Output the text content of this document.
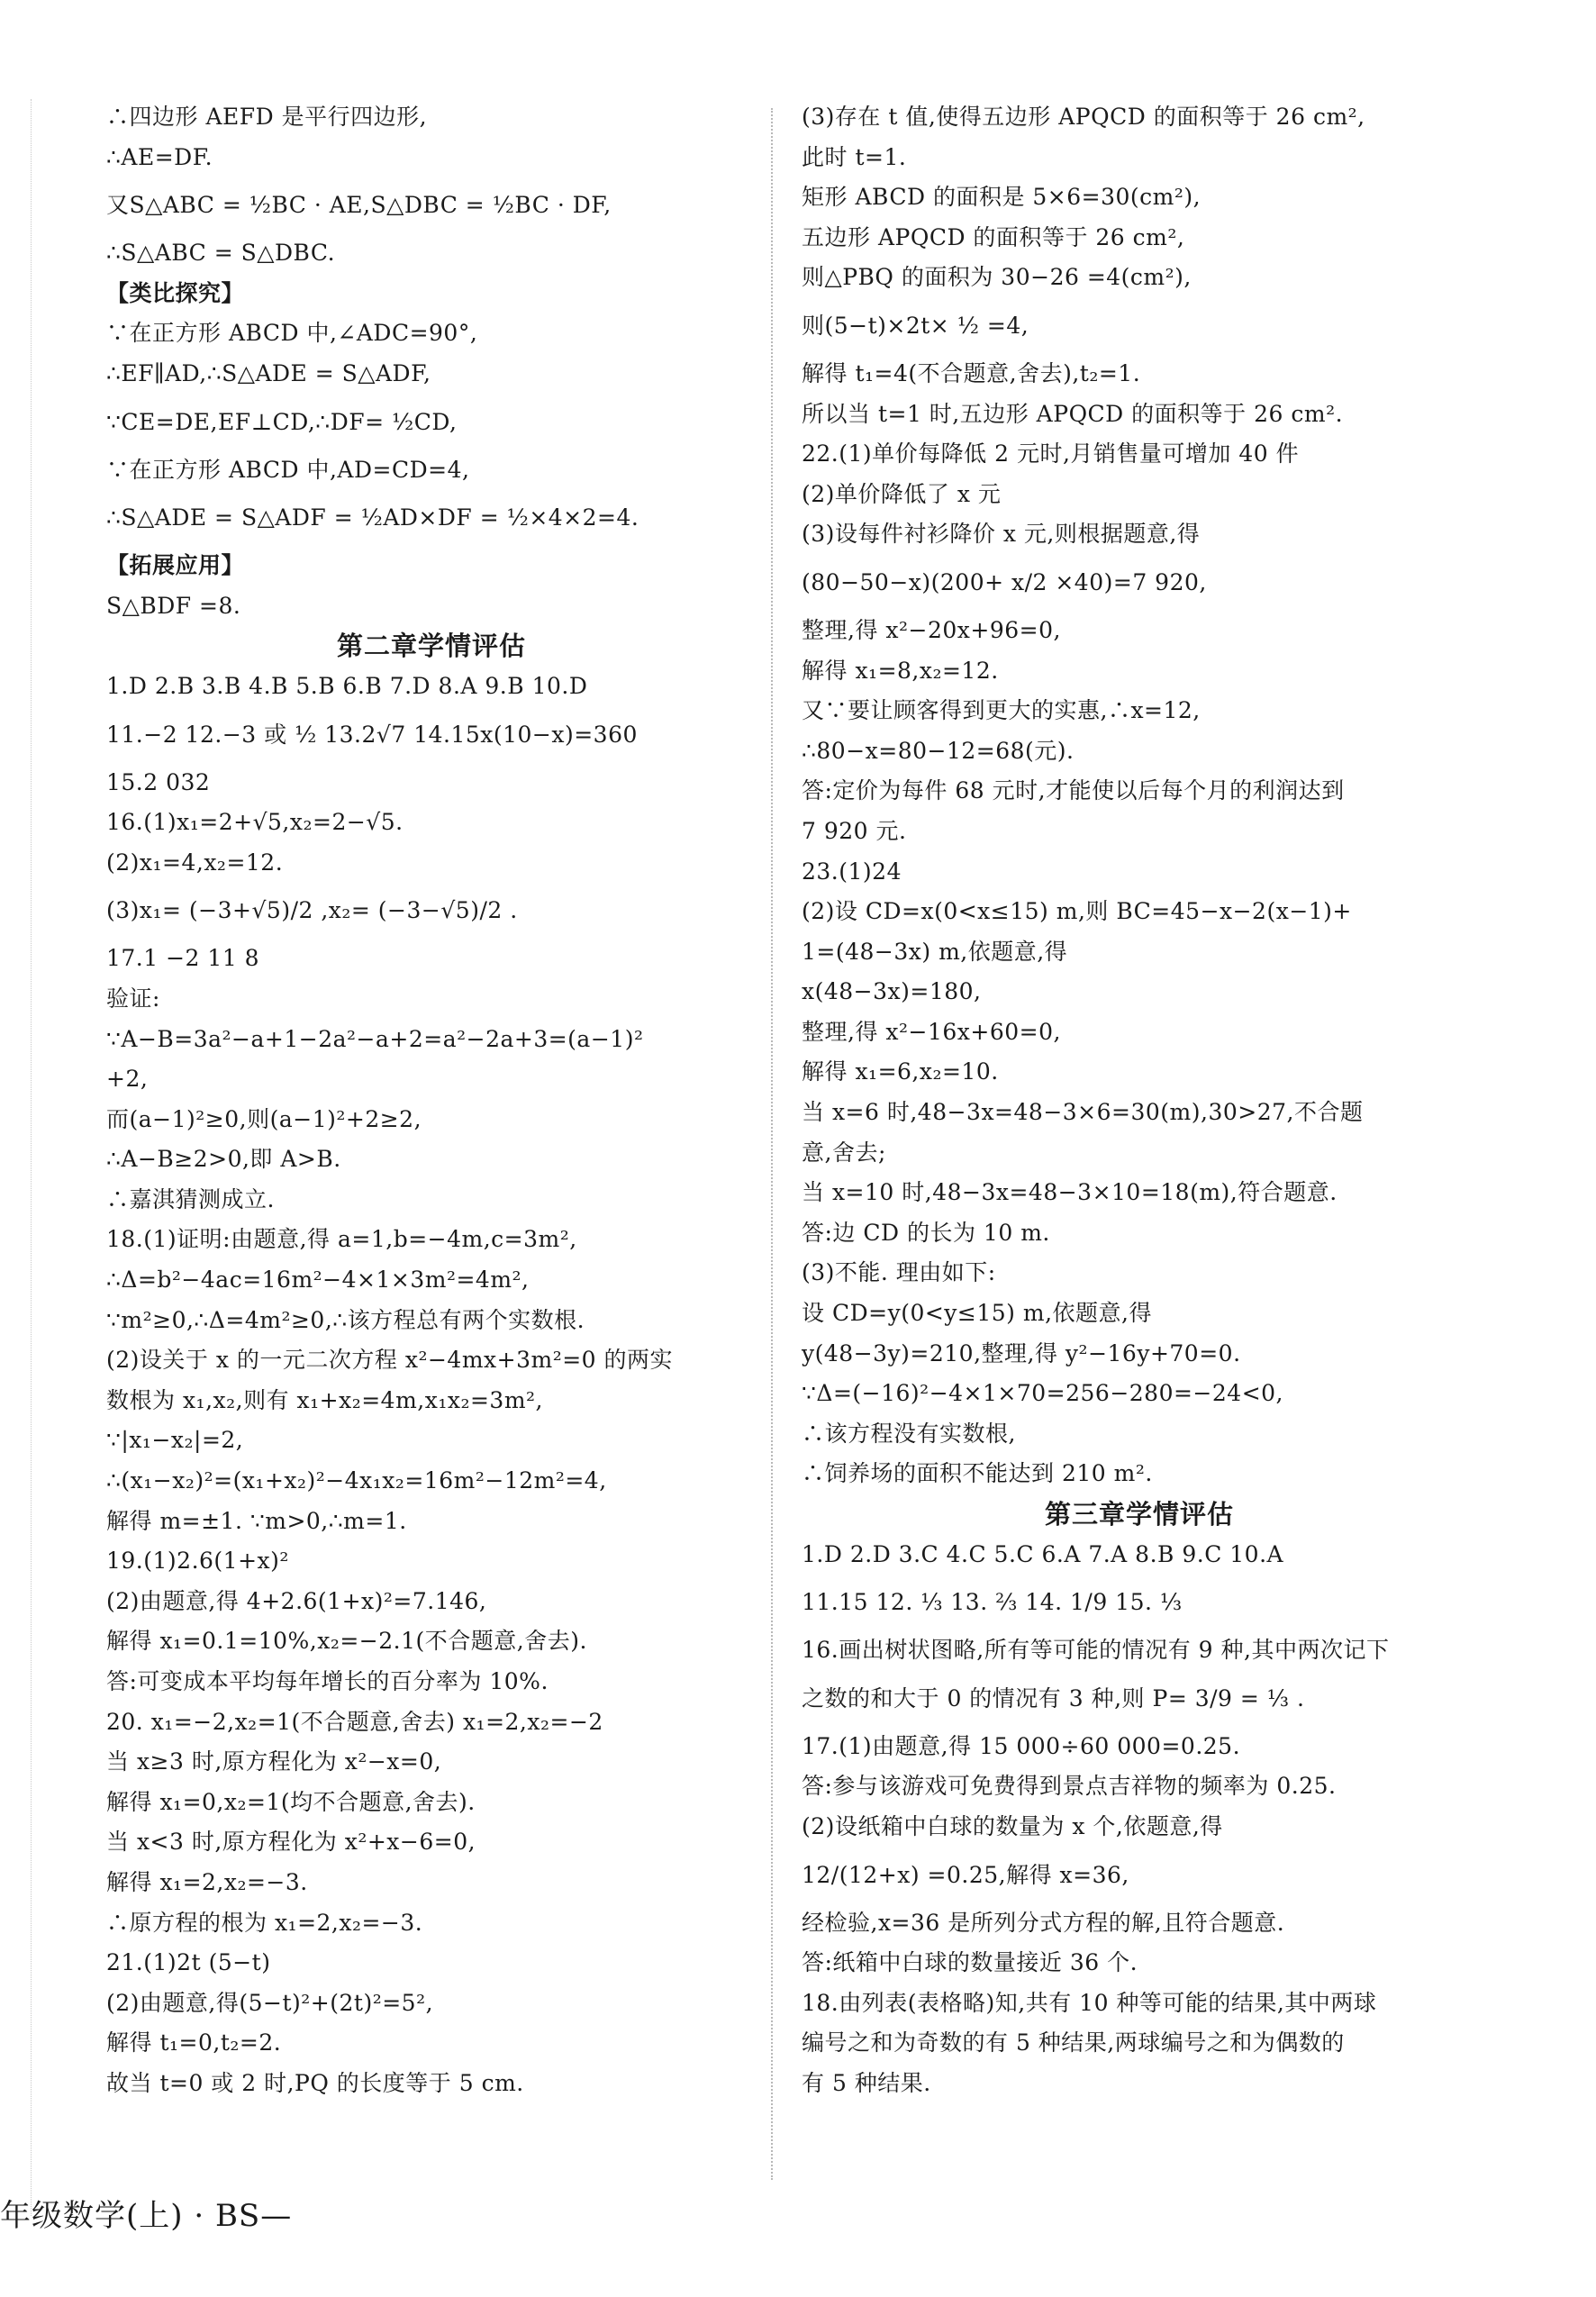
∴四边形 AEFD 是平行四边形,
∴AE=DF.
又S△ABC = ½BC · AE,S△DBC = ½BC · DF,
∴S△ABC = S△DBC.
【类比探究】
∵在正方形 ABCD 中,∠ADC=90°,
∴EF∥AD,∴S△ADE = S△ADF,
∵CE=DE,EF⊥CD,∴DF= ½CD,
∵在正方形 ABCD 中,AD=CD=4,
∴S△ADE = S△ADF = ½AD×DF = ½×4×2=4.
【拓展应用】
S△BDF =8.
第二章学情评估
1.D 2.B 3.B 4.B 5.B 6.B 7.D 8.A 9.B 10.D
11.−2 12.−3 或 ½ 13.2√7 14.15x(10−x)=360
15.2 032
16.(1)x₁=2+√5,x₂=2−√5.
(2)x₁=4,x₂=12.
(3)x₁= (−3+√5)/2 ,x₂= (−3−√5)/2 .
17.1 −2 11 8
验证:
∵A−B=3a²−a+1−2a²−a+2=a²−2a+3=(a−1)²
+2,
而(a−1)²≥0,则(a−1)²+2≥2,
∴A−B≥2>0,即 A>B.
∴嘉淇猜测成立.
18.(1)证明:由题意,得 a=1,b=−4m,c=3m²,
∴Δ=b²−4ac=16m²−4×1×3m²=4m²,
∵m²≥0,∴Δ=4m²≥0,∴该方程总有两个实数根.
(2)设关于 x 的一元二次方程 x²−4mx+3m²=0 的两实
数根为 x₁,x₂,则有 x₁+x₂=4m,x₁x₂=3m²,
∵|x₁−x₂|=2,
∴(x₁−x₂)²=(x₁+x₂)²−4x₁x₂=16m²−12m²=4,
解得 m=±1. ∵m>0,∴m=1.
19.(1)2.6(1+x)²
(2)由题意,得 4+2.6(1+x)²=7.146,
解得 x₁=0.1=10%,x₂=−2.1(不合题意,舍去).
答:可变成本平均每年增长的百分率为 10%.
20. x₁=−2,x₂=1(不合题意,舍去) x₁=2,x₂=−2
当 x≥3 时,原方程化为 x²−x=0,
解得 x₁=0,x₂=1(均不合题意,舍去).
当 x<3 时,原方程化为 x²+x−6=0,
解得 x₁=2,x₂=−3.
∴原方程的根为 x₁=2,x₂=−3.
21.(1)2t (5−t)
(2)由题意,得(5−t)²+(2t)²=5²,
解得 t₁=0,t₂=2.
故当 t=0 或 2 时,PQ 的长度等于 5 cm.
(3)存在 t 值,使得五边形 APQCD 的面积等于 26 cm²,
此时 t=1.
矩形 ABCD 的面积是 5×6=30(cm²),
五边形 APQCD 的面积等于 26 cm²,
则△PBQ 的面积为 30−26 =4(cm²),
则(5−t)×2t× ½ =4,
解得 t₁=4(不合题意,舍去),t₂=1.
所以当 t=1 时,五边形 APQCD 的面积等于 26 cm².
22.(1)单价每降低 2 元时,月销售量可增加 40 件
(2)单价降低了 x 元
(3)设每件衬衫降价 x 元,则根据题意,得
(80−50−x)(200+ x/2 ×40)=7 920,
整理,得 x²−20x+96=0,
解得 x₁=8,x₂=12.
又∵要让顾客得到更大的实惠,∴x=12,
∴80−x=80−12=68(元).
答:定价为每件 68 元时,才能使以后每个月的利润达到
7 920 元.
23.(1)24
(2)设 CD=x(0<x≤15) m,则 BC=45−x−2(x−1)+
1=(48−3x) m,依题意,得
x(48−3x)=180,
整理,得 x²−16x+60=0,
解得 x₁=6,x₂=10.
当 x=6 时,48−3x=48−3×6=30(m),30>27,不合题
意,舍去;
当 x=10 时,48−3x=48−3×10=18(m),符合题意.
答:边 CD 的长为 10 m.
(3)不能. 理由如下:
设 CD=y(0<y≤15) m,依题意,得
y(48−3y)=210,整理,得 y²−16y+70=0.
∵Δ=(−16)²−4×1×70=256−280=−24<0,
∴该方程没有实数根,
∴饲养场的面积不能达到 210 m².
第三章学情评估
1.D 2.D 3.C 4.C 5.C 6.A 7.A 8.B 9.C 10.A
11.15 12. ⅓ 13. ⅔ 14. 1/9 15. ⅓
16.画出树状图略,所有等可能的情况有 9 种,其中两次记下
之数的和大于 0 的情况有 3 种,则 P= 3/9 = ⅓ .
17.(1)由题意,得 15 000÷60 000=0.25.
答:参与该游戏可免费得到景点吉祥物的频率为 0.25.
(2)设纸箱中白球的数量为 x 个,依题意,得
12/(12+x) =0.25,解得 x=36,
经检验,x=36 是所列分式方程的解,且符合题意.
答:纸箱中白球的数量接近 36 个.
18.由列表(表格略)知,共有 10 种等可能的结果,其中两球
编号之和为奇数的有 5 种结果,两球编号之和为偶数的
有 5 种结果.
年级数学(上) · BS—
